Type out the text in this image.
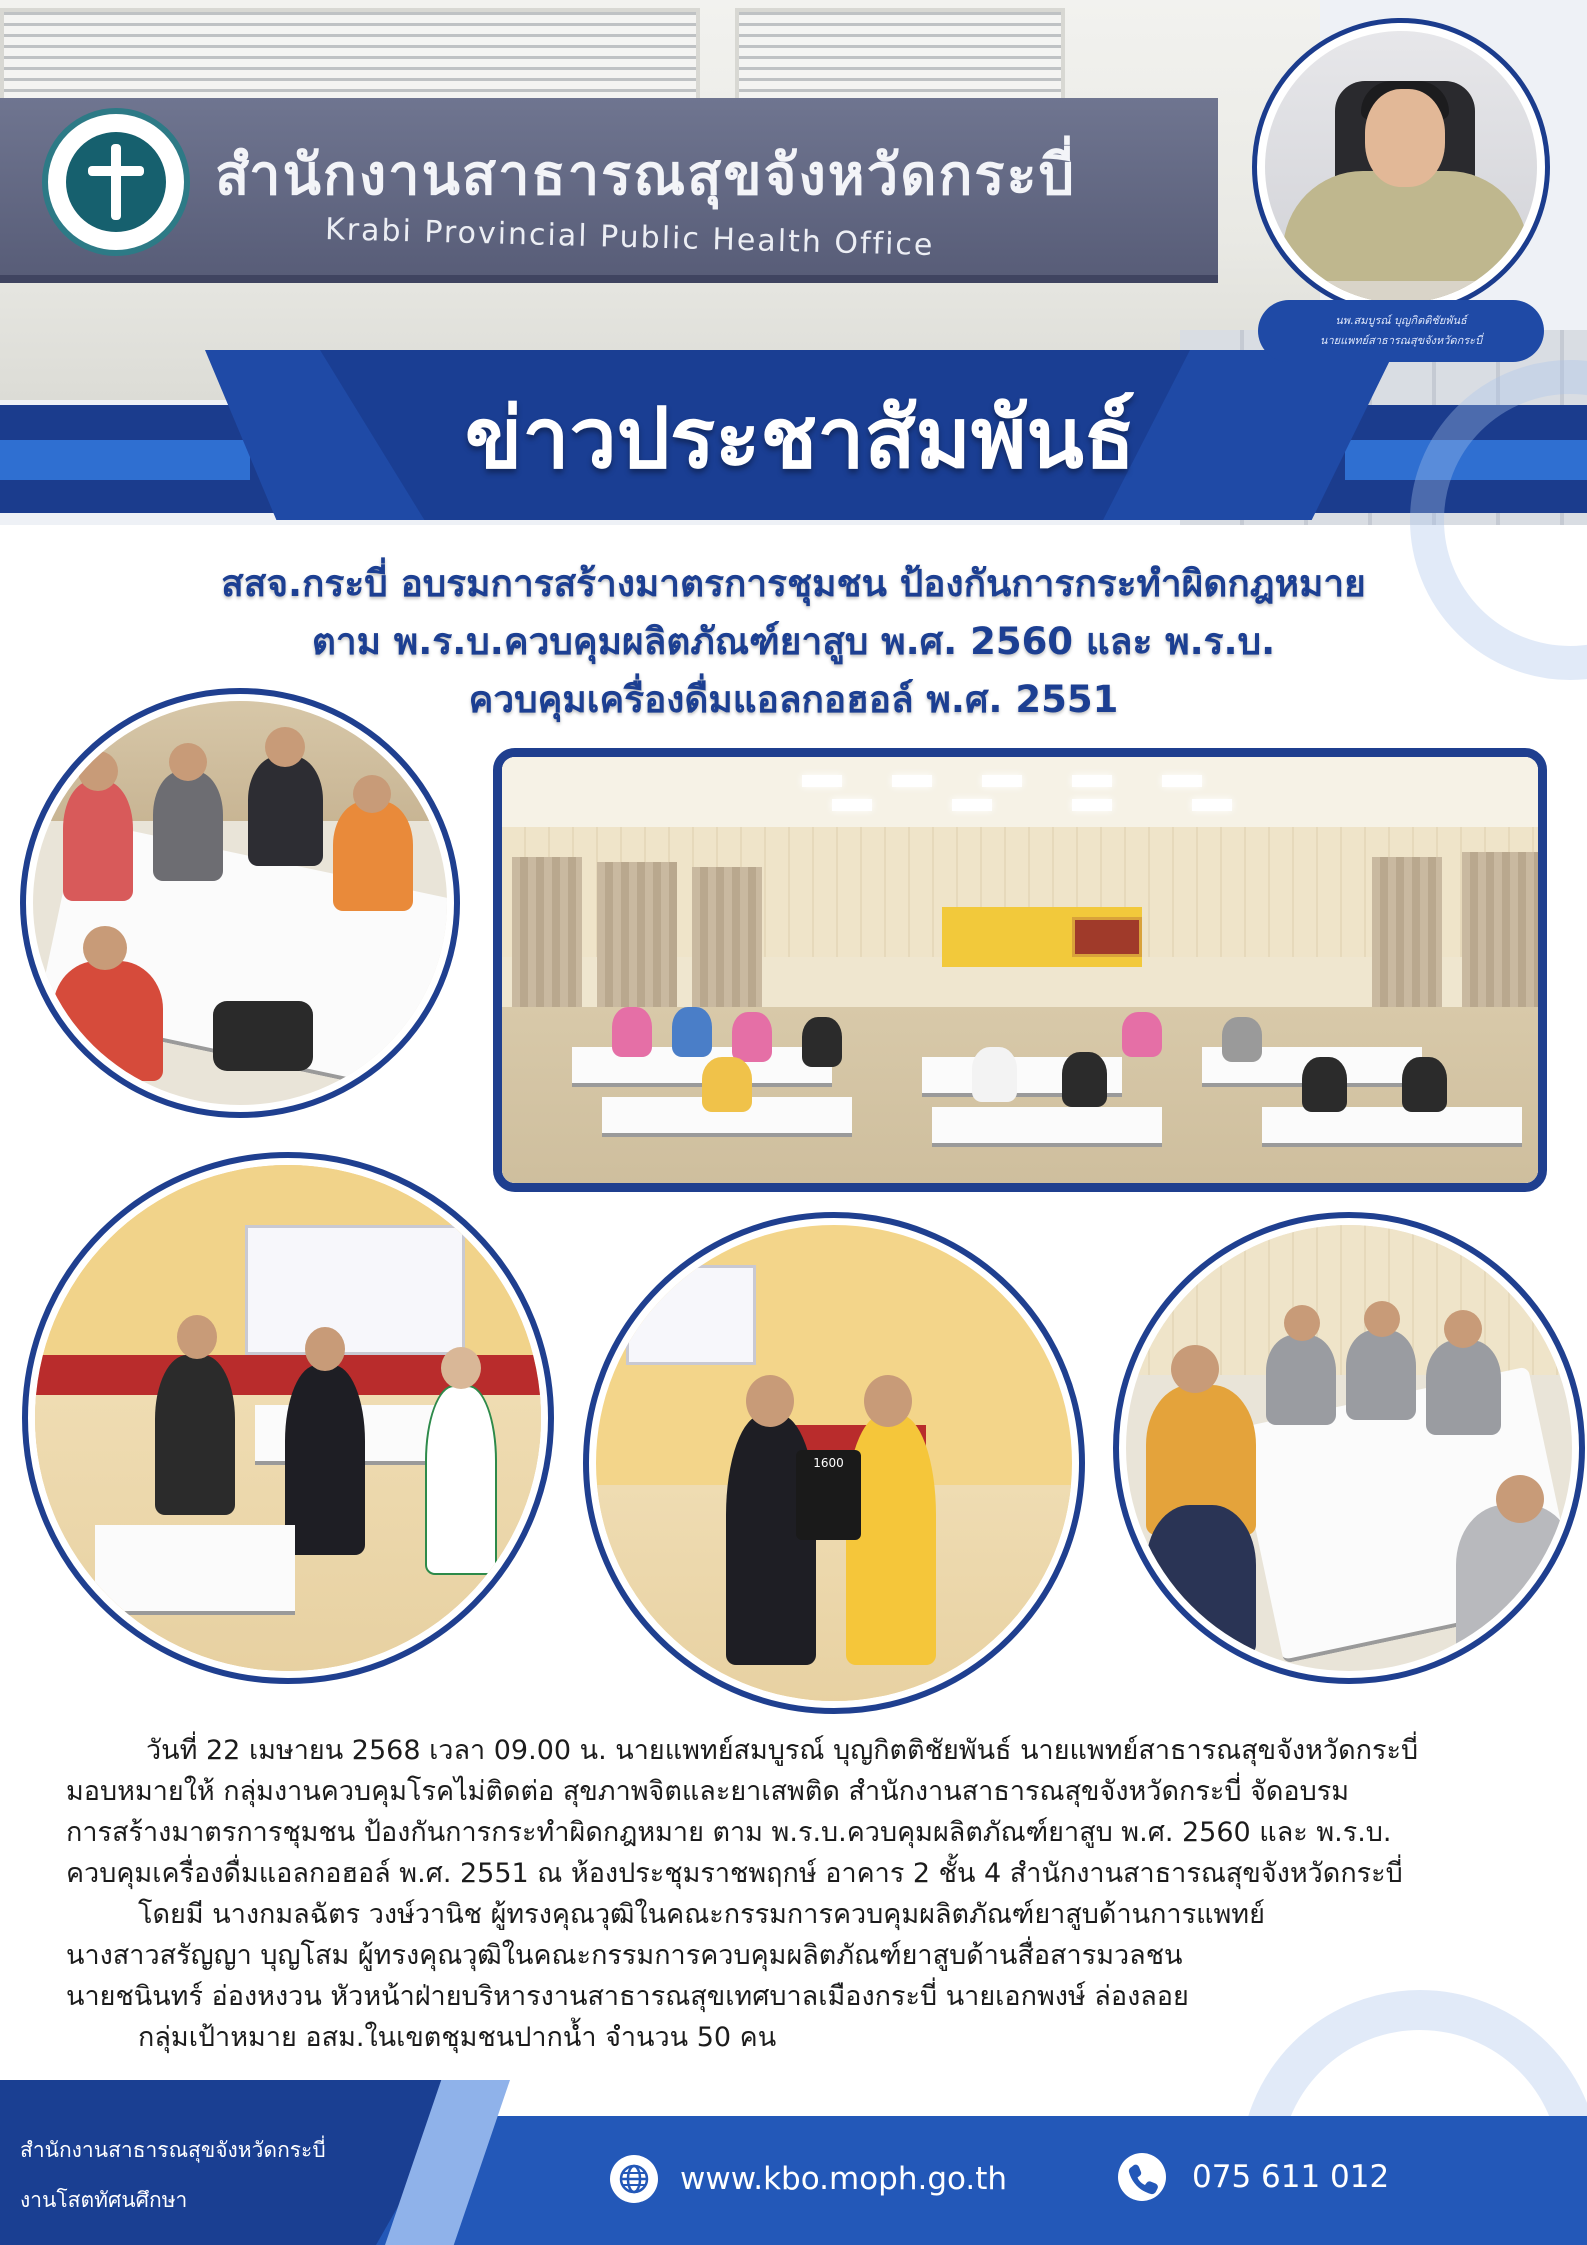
สำนักงานสาธารณสุขจังหวัดกระบี่
Krabi Provincial Public Health Office
ข่าวประชาสัมพันธ์
นพ.สมบูรณ์ บุญกิตติชัยพันธ์
นายแพทย์สาธารณสุขจังหวัดกระบี่
สสจ.กระบี่ อบรมการสร้างมาตรการชุมชน ป้องกันการกระทำผิดกฎหมาย
ตาม พ.ร.บ.ควบคุมผลิตภัณฑ์ยาสูบ พ.ศ. 2560 และ พ.ร.บ.
ควบคุมเครื่องดื่มแอลกอฮอล์ พ.ศ. 2551
1600

วันที่ 22 เมษายน 2568 เวลา 09.00 น. นายแพทย์สมบูรณ์ บุญกิตติชัยพันธ์ นายแพทย์สาธารณสุขจังหวัดกระบี่

มอบหมายให้ กลุ่มงานควบคุมโรคไม่ติดต่อ สุขภาพจิตและยาเสพติด สำนักงานสาธารณสุขจังหวัดกระบี่ จัดอบรม

การสร้างมาตรการชุมชน ป้องกันการกระทำผิดกฎหมาย ตาม พ.ร.บ.ควบคุมผลิตภัณฑ์ยาสูบ พ.ศ. 2560 และ พ.ร.บ.

ควบคุมเครื่องดื่มแอลกอฮอล์ พ.ศ. 2551 ณ ห้องประชุมราชพฤกษ์ อาคาร 2 ชั้น 4 สำนักงานสาธารณสุขจังหวัดกระบี่

โดยมี นางกมลฉัตร วงษ์วานิช ผู้ทรงคุณวุฒิในคณะกรรมการควบคุมผลิตภัณฑ์ยาสูบด้านการแพทย์

นางสาวสรัญญา บุญโสม ผู้ทรงคุณวุฒิในคณะกรรมการควบคุมผลิตภัณฑ์ยาสูบด้านสื่อสารมวลชน

นายชนินทร์ อ่องหงวน หัวหน้าฝ่ายบริหารงานสาธารณสุขเทศบาลเมืองกระบี่ นายเอกพงษ์ ล่องลอย

กลุ่มเป้าหมาย อสม.ในเขตชุมชนปากน้ำ จำนวน 50 คน

สำนักงานสาธารณสุขจังหวัดกระบี่
งานโสตทัศนศึกษา
www.kbo.moph.go.th	075 611 012
